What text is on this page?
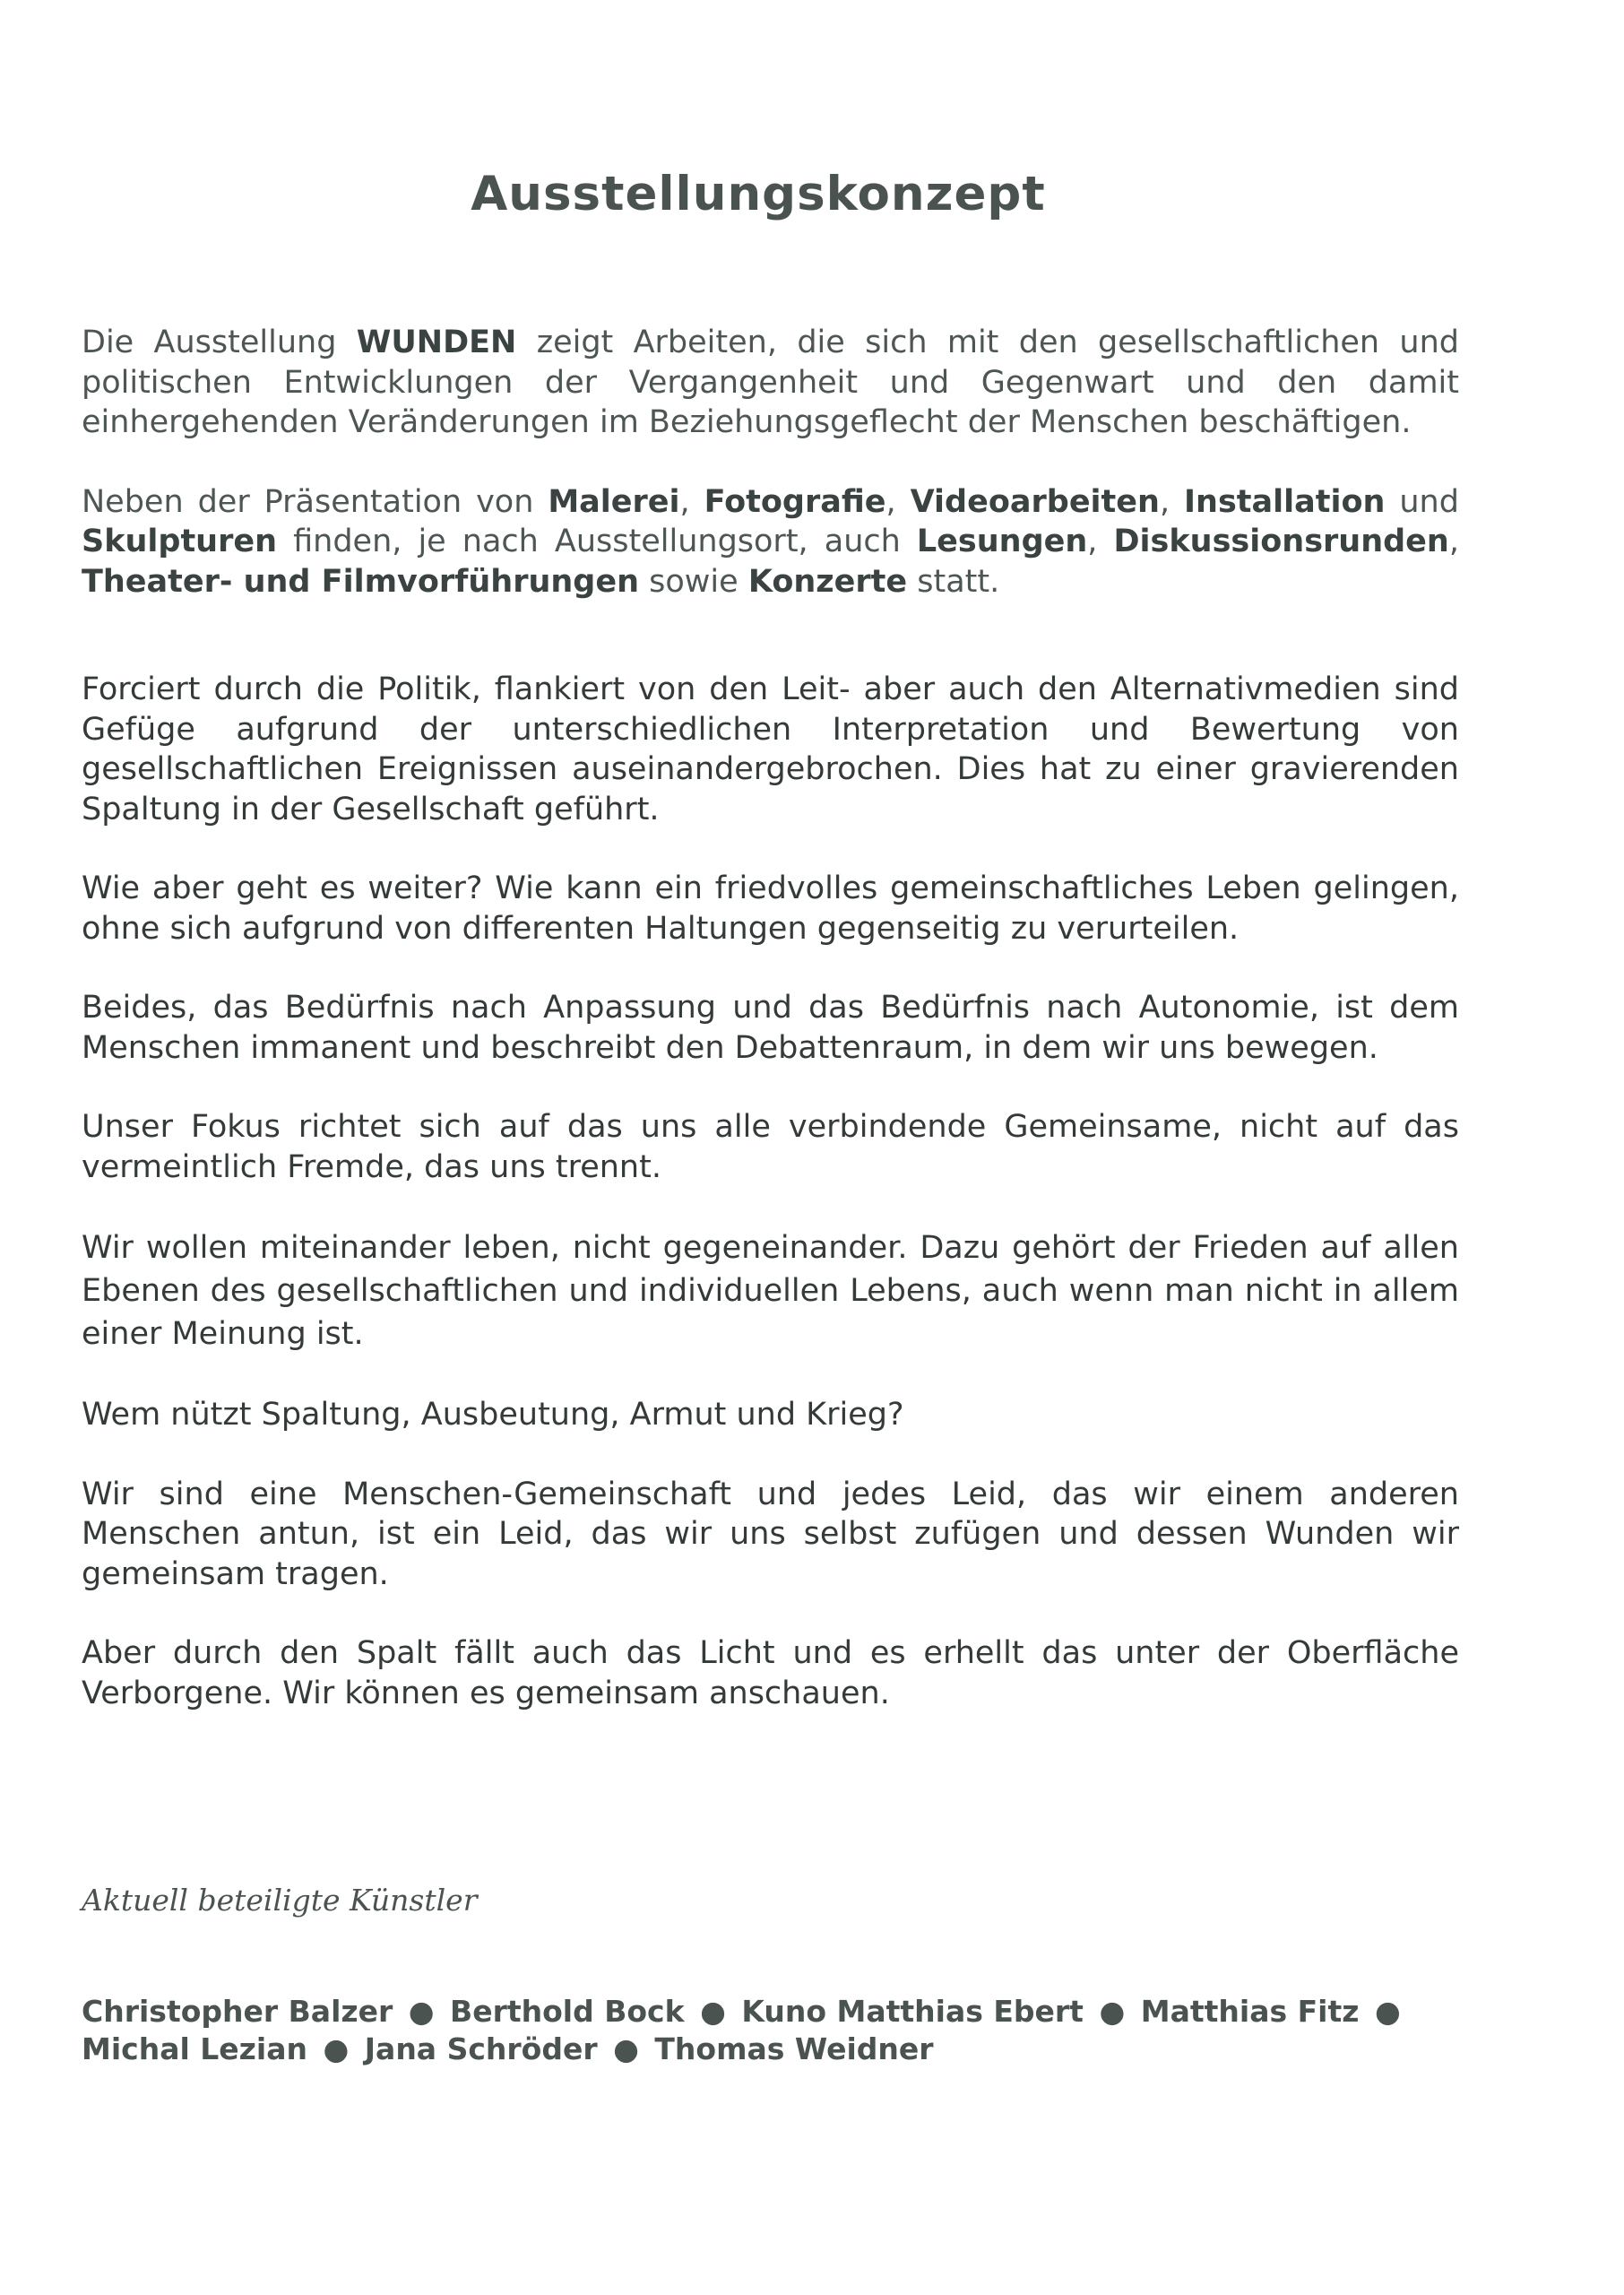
Ausstellungskonzept

Die Ausstellung WUNDEN zeigt Arbeiten, die sich mit den gesellschaftlichen und politischen Entwicklungen der Vergangenheit und Gegenwart und den damit einhergehenden Veränderungen im Beziehungsgeflecht der Menschen beschäftigen.

Neben der Präsentation von Malerei, Fotografie, Videoarbeiten, Installation und Skulpturen finden, je nach Ausstellungsort, auch Lesungen, Diskussionsrunden, Theater- und Filmvorführungen sowie Konzerte statt.

Forciert durch die Politik, flankiert von den Leit- aber auch den Alternativmedien sind Gefüge aufgrund der unterschiedlichen Interpretation und Bewertung von gesellschaftlichen Ereignissen auseinandergebrochen. Dies hat zu einer gravierenden Spaltung in der Gesellschaft geführt.

Wie aber geht es weiter? Wie kann ein friedvolles gemeinschaftliches Leben gelingen, ohne sich aufgrund von differenten Haltungen gegenseitig zu verurteilen.

Beides, das Bedürfnis nach Anpassung und das Bedürfnis nach Autonomie, ist dem Menschen immanent und beschreibt den Debattenraum, in dem wir uns bewegen.

Unser Fokus richtet sich auf das uns alle verbindende Gemeinsame, nicht auf das vermeintlich Fremde, das uns trennt.

Wir wollen miteinander leben, nicht gegeneinander. Dazu gehört der Frieden auf allen Ebenen des gesellschaftlichen und individuellen Lebens, auch wenn man nicht in allem einer Meinung ist.

Wem nützt Spaltung, Ausbeutung, Armut und Krieg?

Wir sind eine Menschen-Gemeinschaft und jedes Leid, das wir einem anderen Menschen antun, ist ein Leid, das wir uns selbst zufügen und dessen Wunden wir gemeinsam tragen.

Aber durch den Spalt fällt auch das Licht und es erhellt das unter der Oberfläche Verborgene. Wir können es gemeinsam anschauen.

Aktuell beteiligte Künstler
Christopher Balzer ● Berthold Bock ● Kuno Matthias Ebert ● Matthias Fitz ●
Michal Lezian ● Jana Schröder ● Thomas Weidner
